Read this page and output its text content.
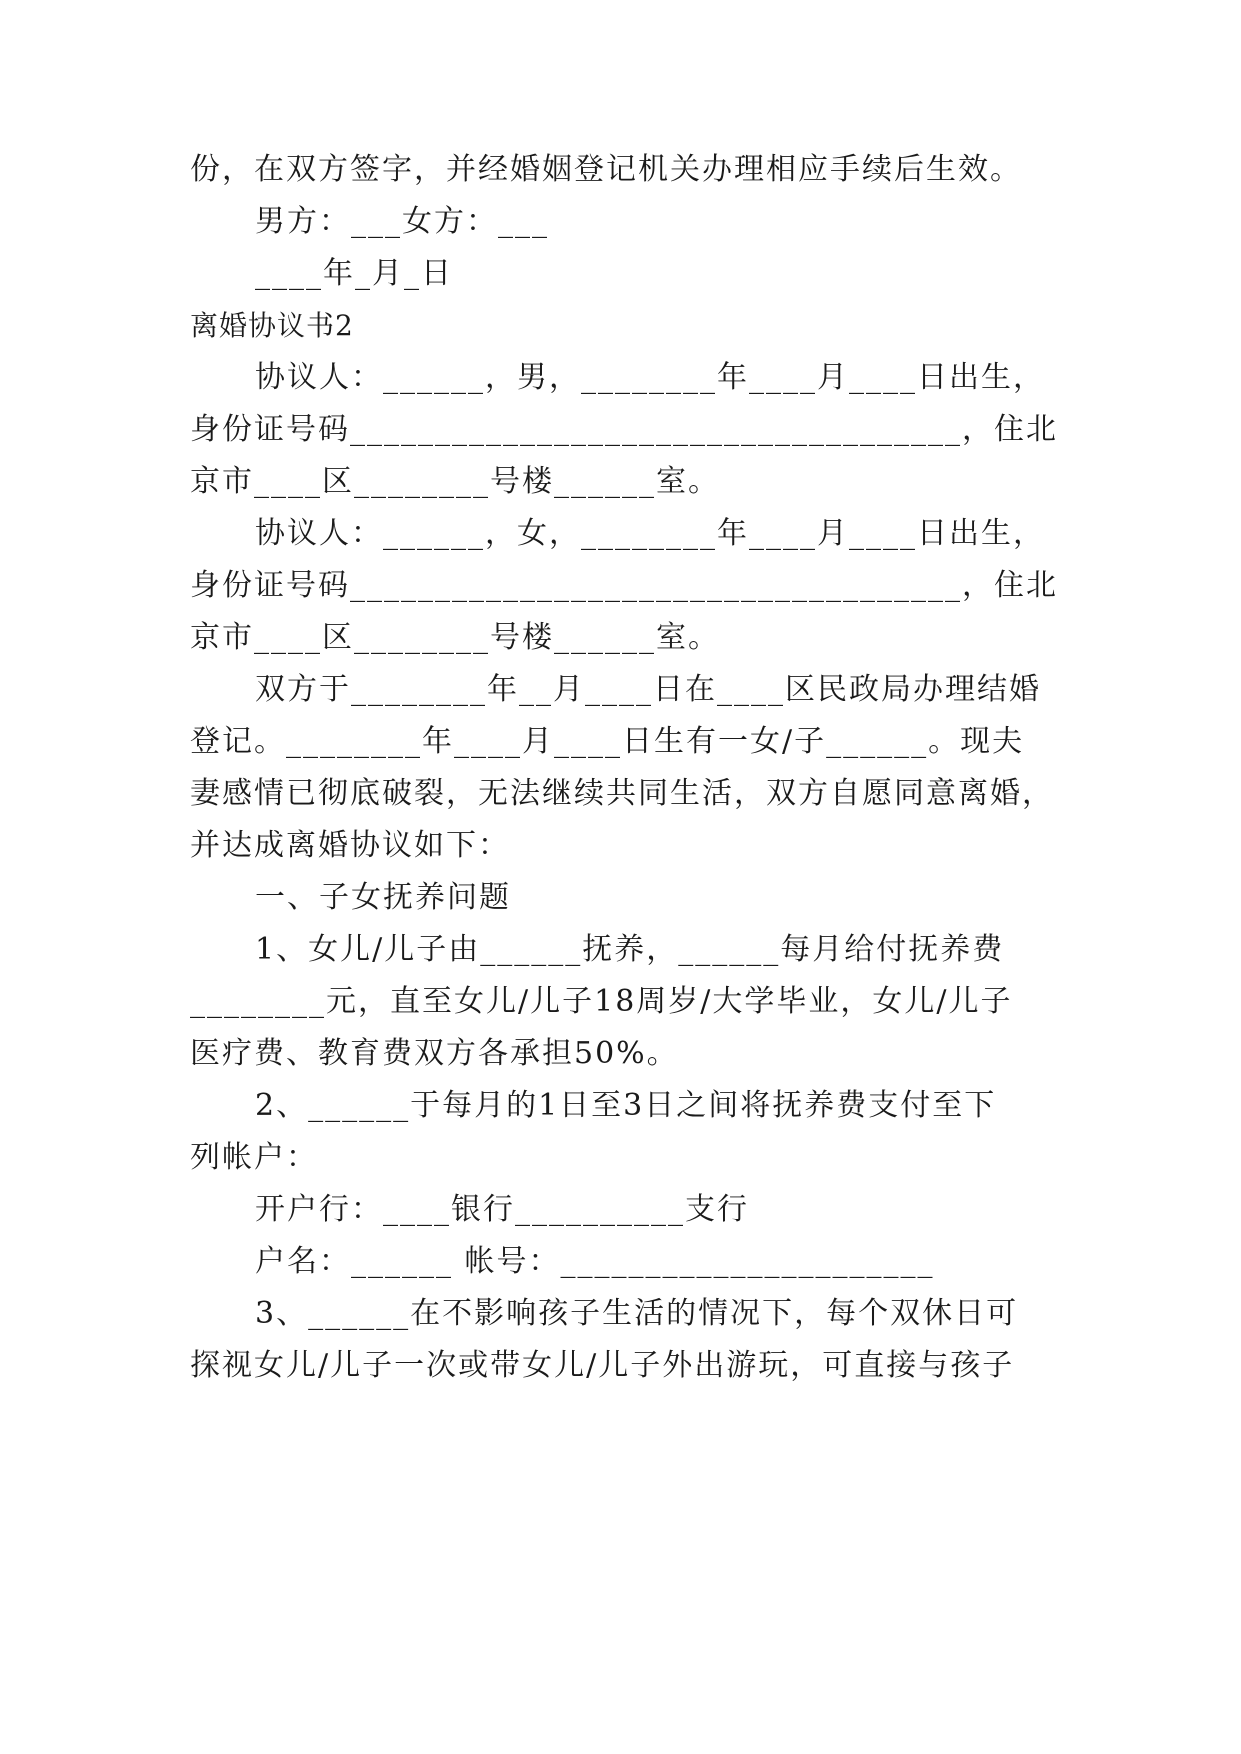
份，在双方签字，并经婚姻登记机关办理相应手续后生效。
男方：___女方：___
____年_月_日
离婚协议书2
协议人：______，男，________年____月____日出生，
身份证号码____________________________________，住北
京市____区________号楼______室。
协议人：______，女，________年____月____日出生，
身份证号码____________________________________，住北
京市____区________号楼______室。
双方于________年__月____日在____区民政局办理结婚
登记。________年____月____日生有一女/子______。现夫
妻感情已彻底破裂，无法继续共同生活，双方自愿同意离婚，
并达成离婚协议如下：
一、子女抚养问题
1、女儿/儿子由______抚养，______每月给付抚养费
________元，直至女儿/儿子18周岁/大学毕业，女儿/儿子
医疗费、教育费双方各承担50%。
2、______于每月的1日至3日之间将抚养费支付至下
列帐户：
开户行：____银行__________支行
户名：______ 帐号：______________________
3、______在不影响孩子生活的情况下，每个双休日可
探视女儿/儿子一次或带女儿/儿子外出游玩，可直接与孩子
